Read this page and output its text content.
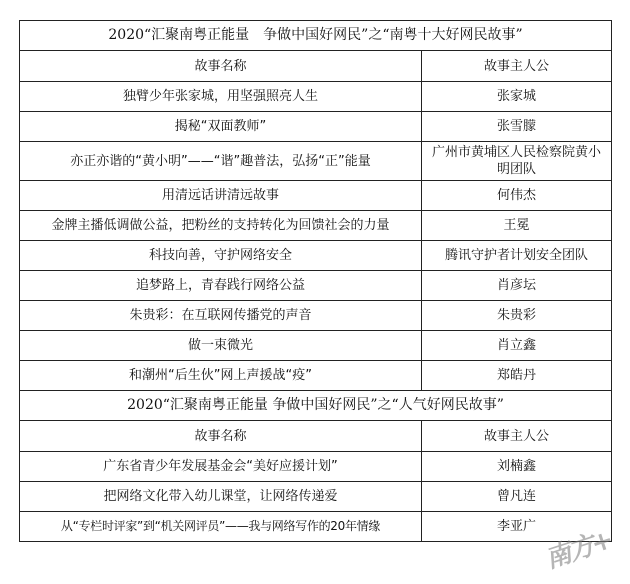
2020“汇聚南粤正能量　争做中国好网民”之“南粤十大好网民故事”	
故事名称	故事主人公
独臂少年张家城，用坚强照亮人生	张家城
揭秘“双面教师”	张雪朦
亦正亦谐的“黄小明”——“谐”趣普法，弘扬“正”能量	广州市黄埔区人民检察院黄小明团队
用清远话讲清远故事	何伟杰
金牌主播低调做公益，把粉丝的支持转化为回馈社会的力量	王冕
科技向善，守护网络安全	腾讯守护者计划安全团队
追梦路上，青春践行网络公益	肖彦坛
朱贵彩：在互联网传播党的声音	朱贵彩
做一束微光	肖立鑫
和潮州“后生伙”网上声援战“疫”	郑皓丹
2020“汇聚南粤正能量 争做中国好网民”之“人气好网民故事”	
故事名称	故事主人公
广东省青少年发展基金会“美好应援计划”	刘楠鑫
把网络文化带入幼儿课堂，让网络传递爱	曾凡连
从“专栏时评家”到“机关网评员”——我与网络写作的20年情缘	李亚广 南方+
